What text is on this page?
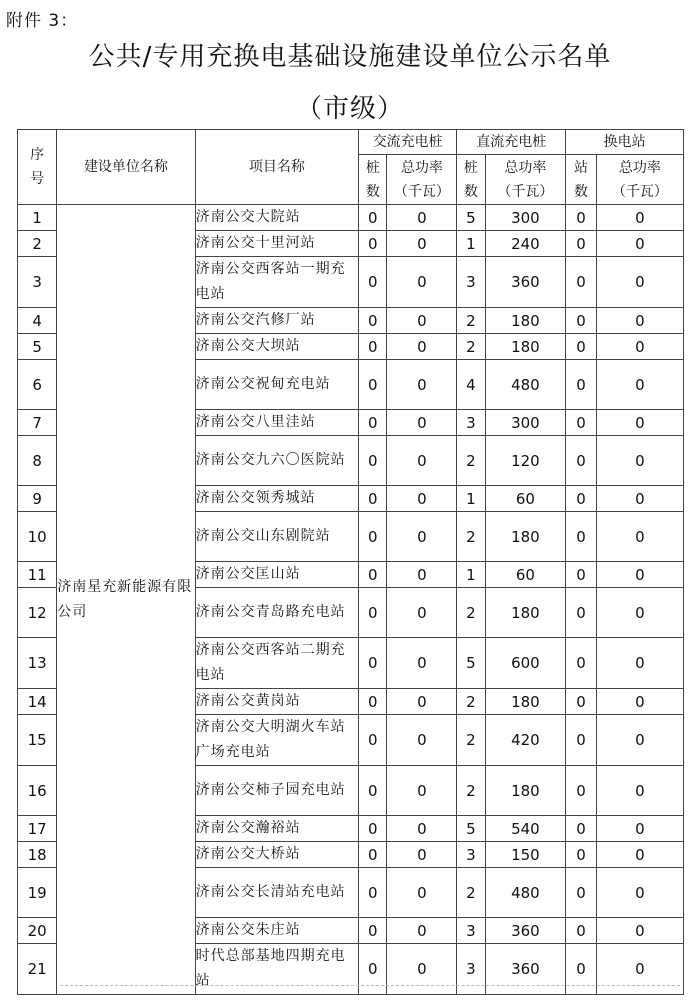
附件 3：
公共/专用充换电基础设施建设单位公示名单
（市级）
序号	建设单位名称	项目名称	交流充电桩		直流充电桩		换电站	
			桩数	总功率（千瓦）	桩数	总功率（千瓦）	站数	总功率（千瓦）
1	济南星充新能源有限公司	济南公交大院站	0	0	5	300	0	0
2		济南公交十里河站	0	0	1	240	0	0
3		济南公交西客站一期充电站	0	0	3	360	0	0
4		济南公交汽修厂站	0	0	2	180	0	0
5		济南公交大坝站	0	0	2	180	0	0
6		济南公交祝甸充电站	0	0	4	480	0	0
7		济南公交八里洼站	0	0	3	300	0	0
8		济南公交九六〇医院站	0	0	2	120	0	0
9		济南公交领秀城站	0	0	1	60	0	0
10		济南公交山东剧院站	0	0	2	180	0	0
11		济南公交匡山站	0	0	1	60	0	0
12		济南公交青岛路充电站	0	0	2	180	0	0
13		济南公交西客站二期充电站	0	0	5	600	0	0
14		济南公交黄岗站	0	0	2	180	0	0
15		济南公交大明湖火车站广场充电站	0	0	2	420	0	0
16		济南公交柿子园充电站	0	0	2	180	0	0
17		济南公交瀚裕站	0	0	5	540	0	0
18		济南公交大桥站	0	0	3	150	0	0
19		济南公交长清站充电站	0	0	2	480	0	0
20		济南公交朱庄站	0	0	3	360	0	0
21		时代总部基地四期充电站	0	0	3	360	0	0
